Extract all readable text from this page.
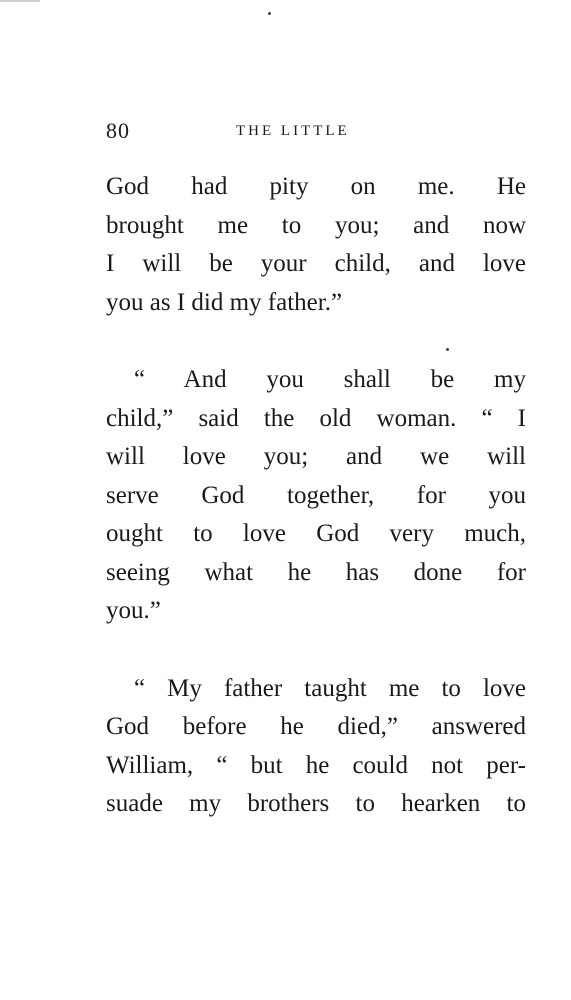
80	THE LITTLE
God had pity on me. He
brought me to you; and now
I will be your child, and love
you as I did my father.”
“ And you shall be my
child,” said the old woman. “ I
will love you; and we will
serve God together, for you
ought to love God very much,
seeing what he has done for
you.”
“ My father taught me to love
God before he died,” answered
William, “ but he could not per-
suade my brothers to hearken to
